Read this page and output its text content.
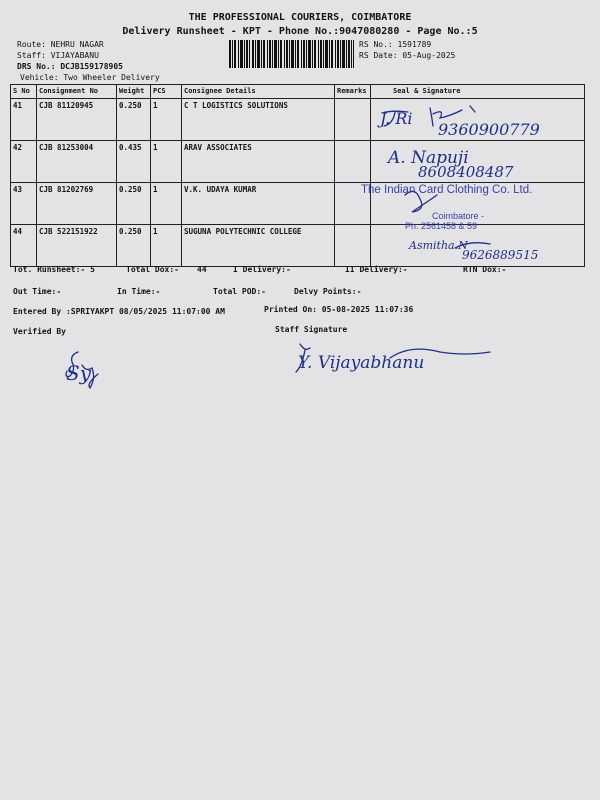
THE PROFESSIONAL COURIERS, COIMBATORE
Delivery Runsheet - KPT - Phone No.:9047080280 - Page No.:5
Route: NEHRU NAGAR
Staff: VIJAYABANU
DRS No.: DCJB159178905
Vehicle: Two Wheeler Delivery
RS No.: 1591789
RS Date: 05-Aug-2025
S No	Consignment No	Weight	PCS	Consignee Details	Remarks	Seal & Signature
41	CJB 81120945	0.250	1	C T LOGISTICS SOLUTIONS		
42	CJB 81253004	0.435	1	ARAV ASSOCIATES		
43	CJB 81202769	0.250	1	V.K. UDAYA KUMAR		
44	CJB 522151922	0.250	1	SUGUNA POLYTECHNIC COLLEGE		
Tot. Runsheet:- 5	Total Dox:- 44	I Delivery:-	II Delivery:-	RTN Dox:-
Out Time:-	In Time:-	Total POD:-	Delvy Points:-
Entered By :SPRIYAKPT 08/05/2025 11:07:00 AM	Printed On: 05-08-2025 11:07:36
Verified By	Staff Signature
J. Ri
9360900779
A. Napuji
8608408487
Asmitha.N
9626889515
Sy	Y. Vijayabhanu
The Indian Card Clothing Co. Ltd.
Coimbatore -
Ph: 2561458 & 59
